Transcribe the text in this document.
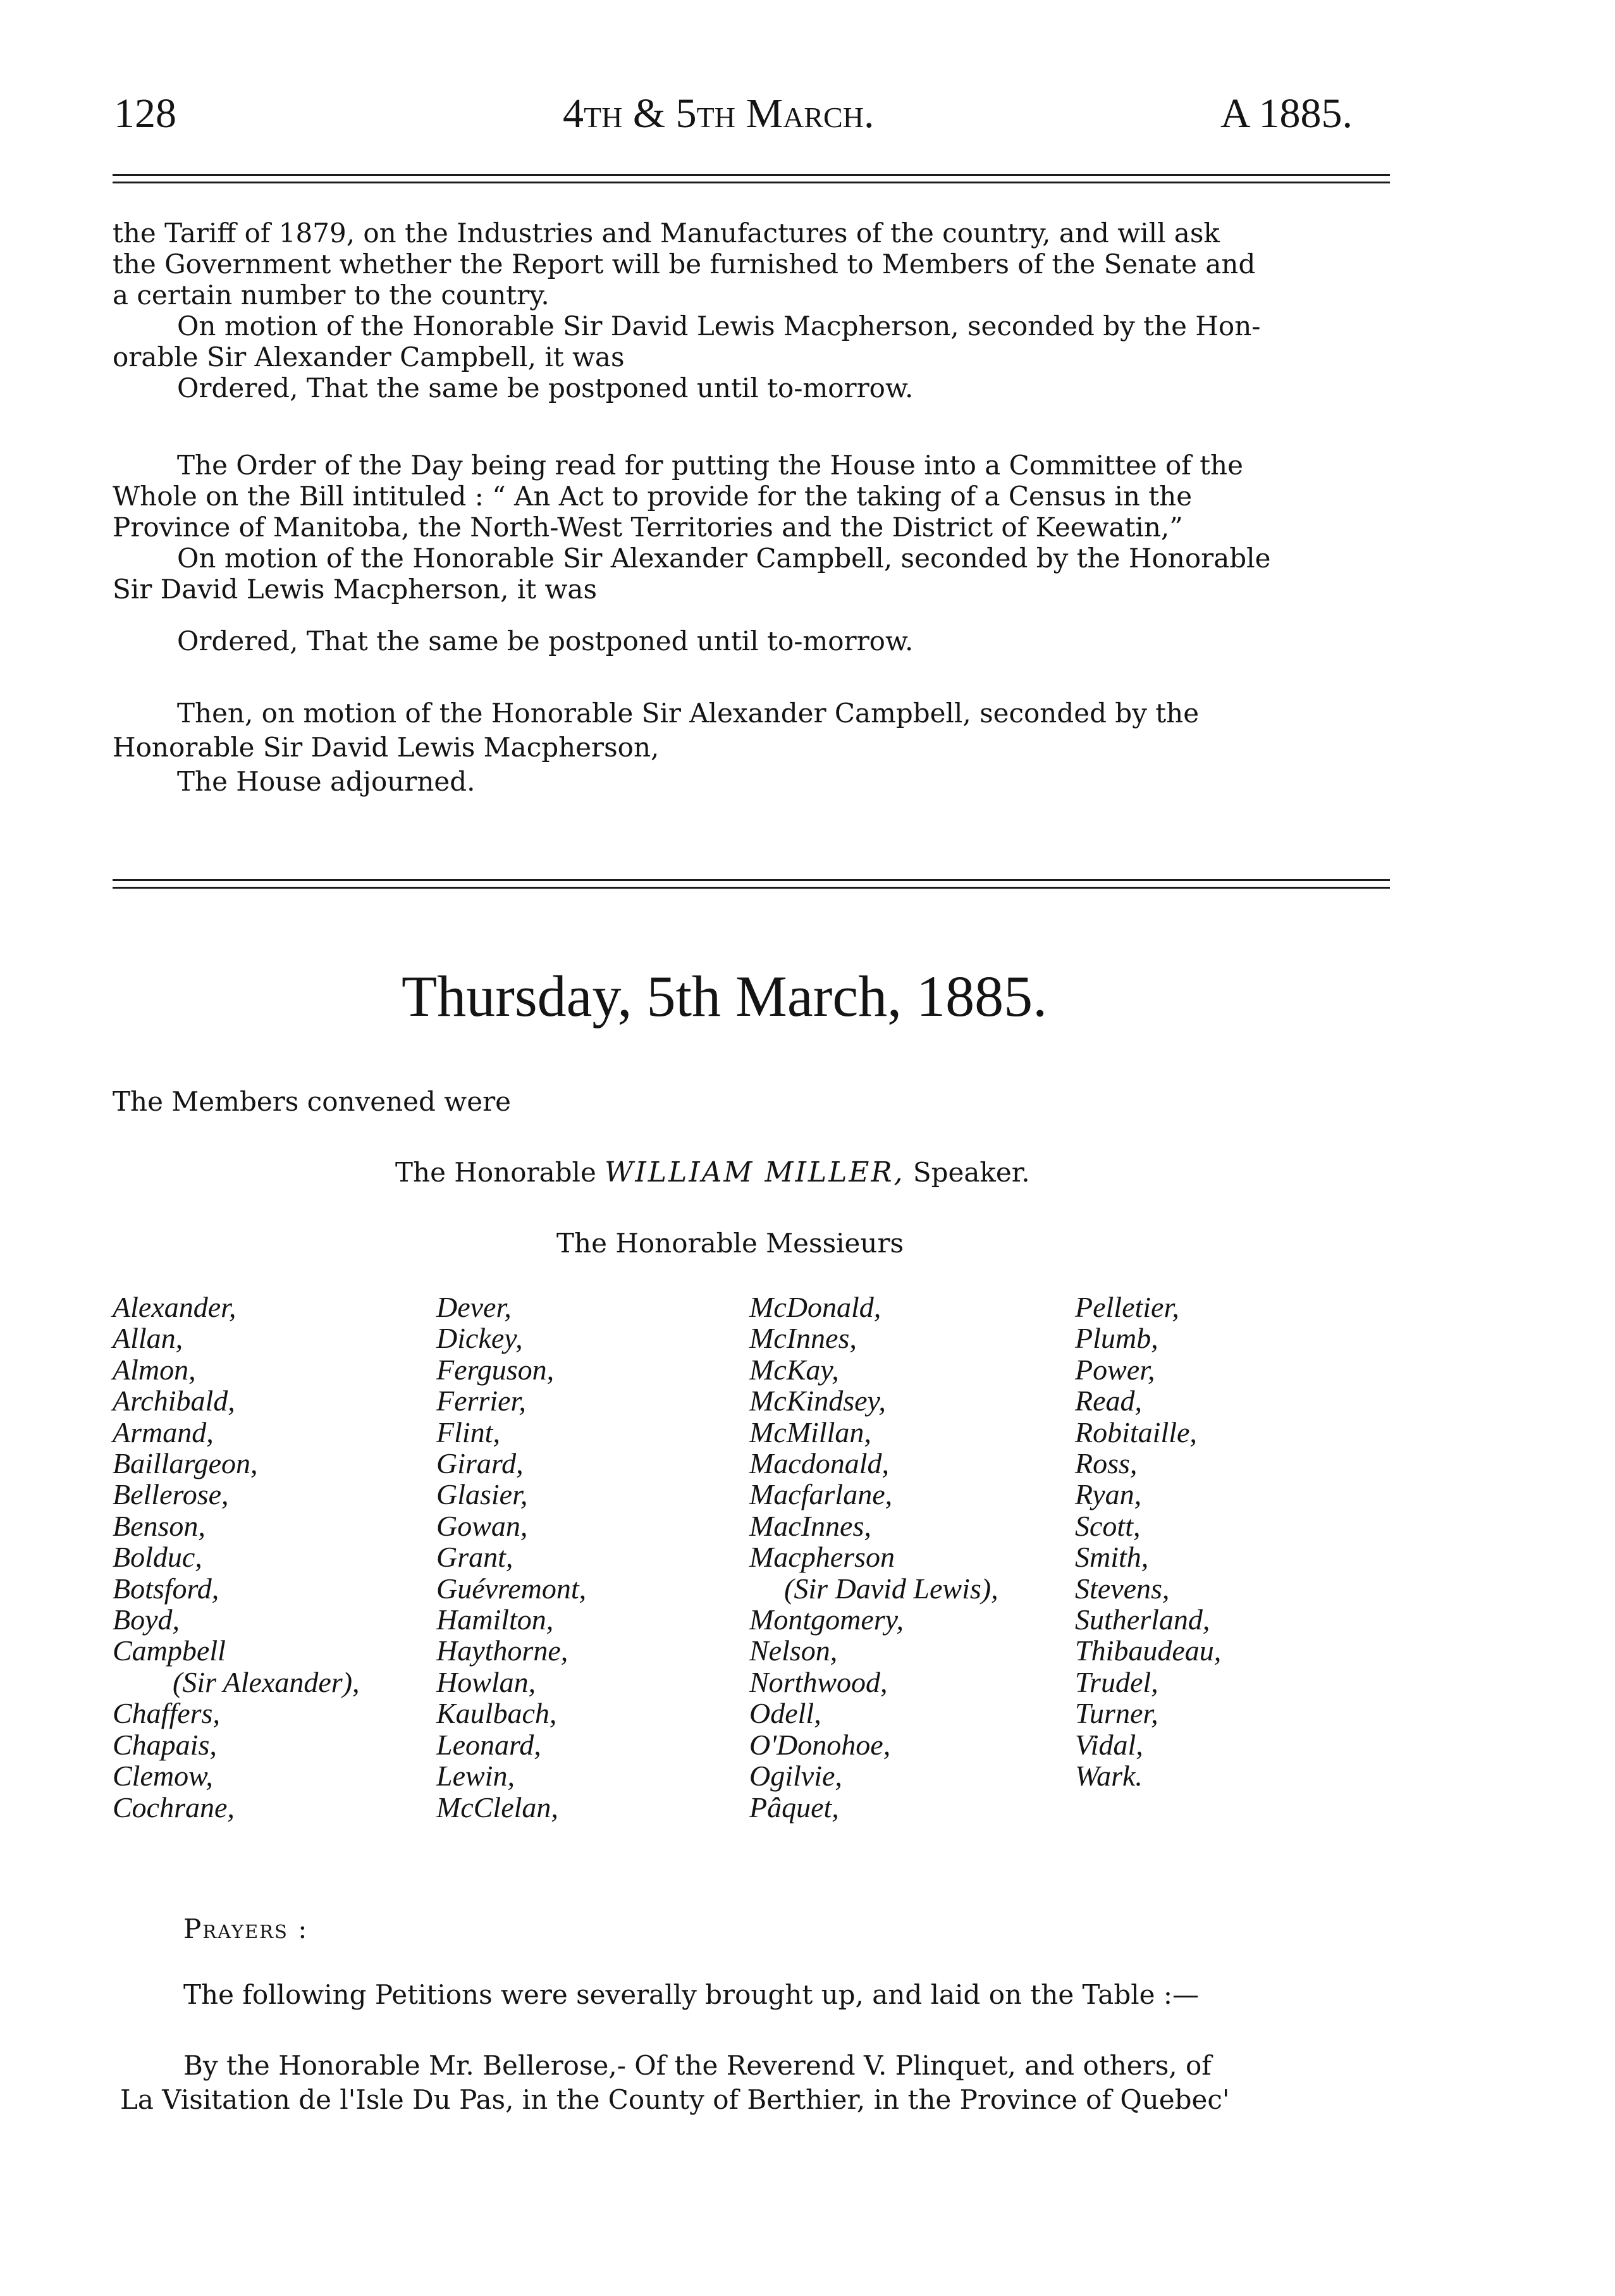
128	4th & 5th March.	A 1885.
the Tariff of 1879, on the Industries and Manufactures of the country, and will ask
the Government whether the Report will be furnished to Members of the Senate and
a certain number to the country.
On motion of the Honorable Sir David Lewis Macpherson, seconded by the Hon-
orable Sir Alexander Campbell, it was
Ordered, That the same be postponed until to-morrow.
The Order of the Day being read for putting the House into a Committee of the
Whole on the Bill intituled : “ An Act to provide for the taking of a Census in the
Province of Manitoba, the North-West Territories and the District of Keewatin,”
On motion of the Honorable Sir Alexander Campbell, seconded by the Honorable
Sir David Lewis Macpherson, it was
Ordered, That the same be postponed until to-morrow.
Then, on motion of the Honorable Sir Alexander Campbell, seconded by the
Honorable Sir David Lewis Macpherson,
The House adjourned.
Thursday, 5th March, 1885.
The Members convened were
The Honorable WILLIAM MILLER, Speaker.
The Honorable Messieurs
Alexander,
Allan,
Almon,
Archibald,
Armand,
Baillargeon,
Bellerose,
Benson,
Bolduc,
Botsford,
Boyd,
Campbell
(Sir Alexander),
Chaffers,
Chapais,
Clemow,
Cochrane,
Dever,
Dickey,
Ferguson,
Ferrier,
Flint,
Girard,
Glasier,
Gowan,
Grant,
Guévremont,
Hamilton,
Haythorne,
Howlan,
Kaulbach,
Leonard,
Lewin,
McClelan,
McDonald,
McInnes,
McKay,
McKindsey,
McMillan,
Macdonald,
Macfarlane,
MacInnes,
Macpherson
(Sir David Lewis),
Montgomery,
Nelson,
Northwood,
Odell,
O'Donohoe,
Ogilvie,
Pâquet,
Pelletier,
Plumb,
Power,
Read,
Robitaille,
Ross,
Ryan,
Scott,
Smith,
Stevens,
Sutherland,
Thibaudeau,
Trudel,
Turner,
Vidal,
Wark.
Prayers :
The following Petitions were severally brought up, and laid on the Table :—
By the Honorable Mr. Bellerose,- Of the Reverend V. Plinquet, and others, of
La Visitation de l'Isle Du Pas, in the County of Berthier, in the Province of Quebec'
